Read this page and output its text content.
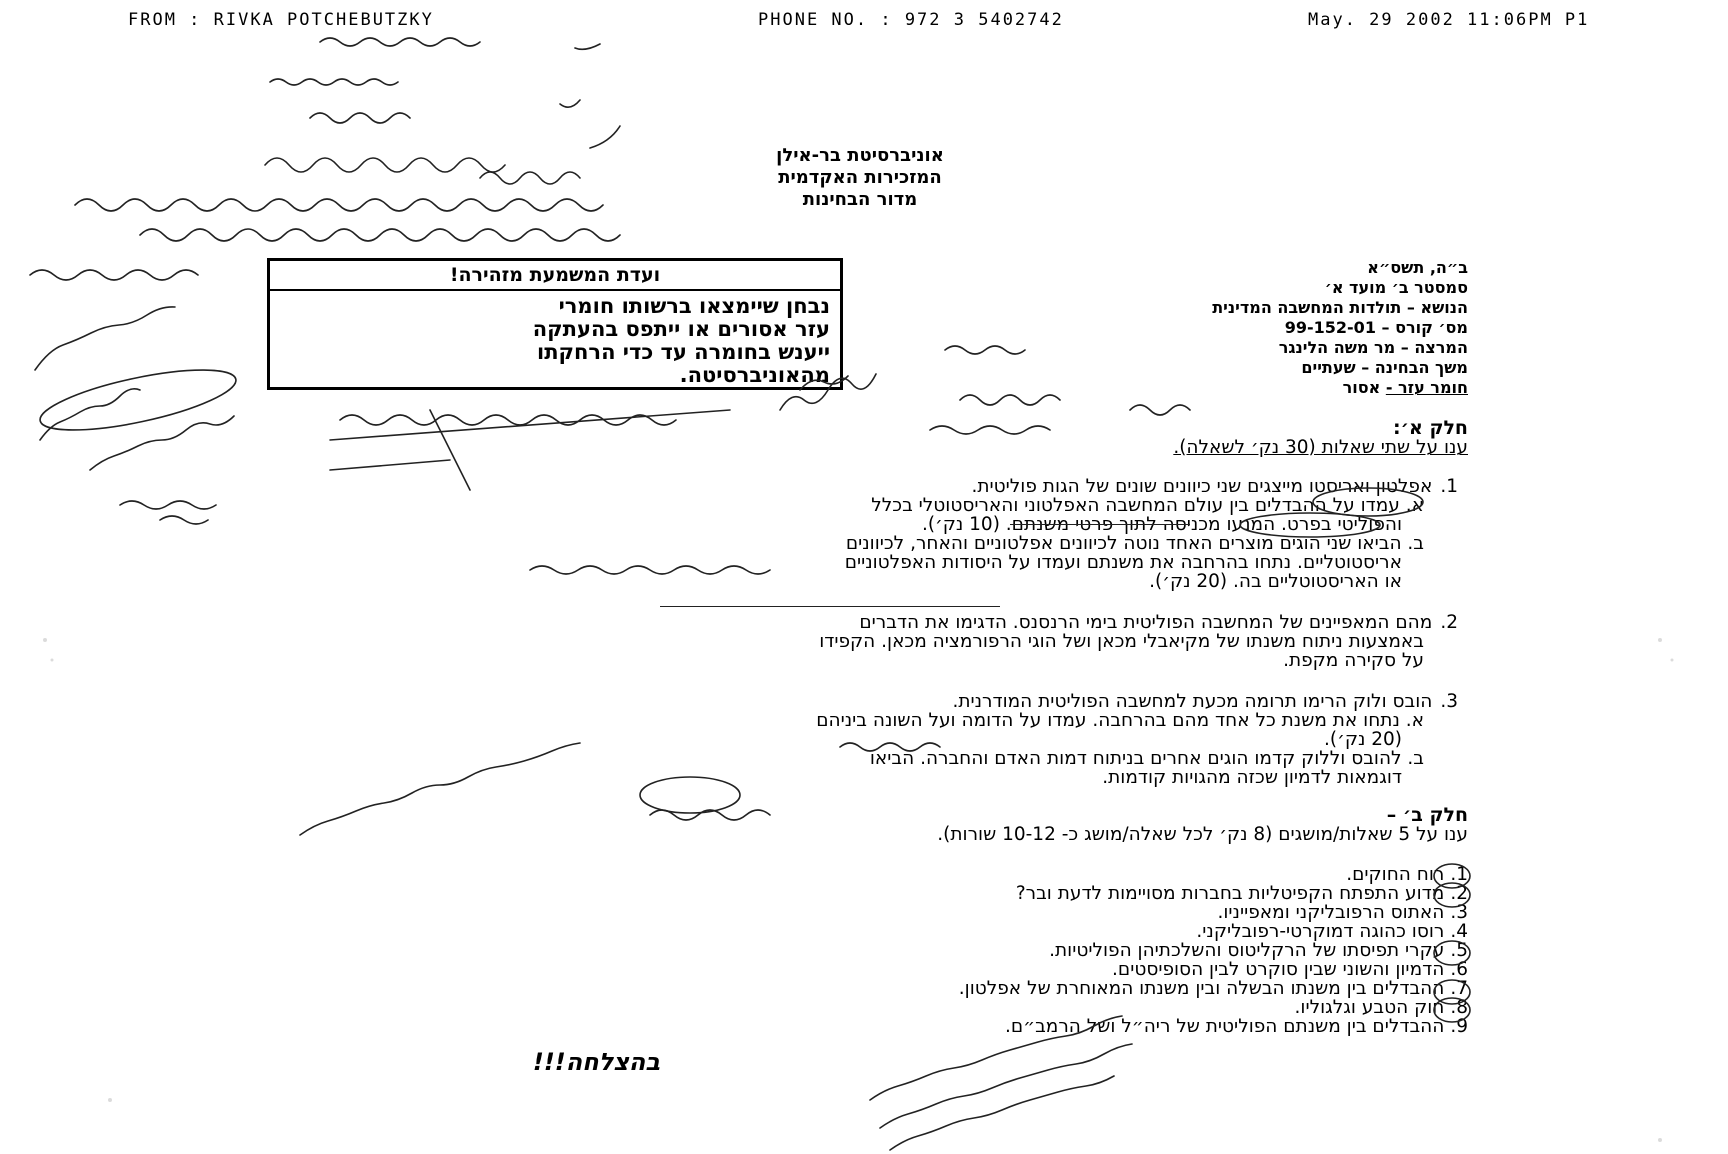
FROM : RIVKA POTCHEBUTZKY	PHONE NO. : 972 3 5402742	May. 29 2002 11:06PM P1
אוניברסיטת בר-אילן
המזכירות האקדמית
מדור הבחינות
ב״ה, תשס״א
סמסטר ב׳ מועד א׳
הנושא – תולדות המחשבה המדינית
מס׳ קורס – 99-152-01
המרצה – מר משה הלינגר
משך הבחינה – שעתיים
חומר עזר - אסור
ועדת המשמעת מזהירה!
נבחן שיימצאו ברשותו חומרי
עזר אסורים או ייתפס בהעתקה
ייענש בחומרה עד כדי הרחקתו
מהאוניברסיטה.
חלק א׳:
ענו על שתי שאלות (30 נק׳ לשאלה).
1.
אפלטון ואריסטו מייצגים שני כיוונים שונים של הגות פוליטית.
א. עמדו על ההבדלים בין עולם המחשבה האפלטוני והאריסטוטלי בכלל
והפוליטי בפרט. המנעו מכניסה לתוך פרטי משנתם. (10 נק׳).
ב. הביאו שני הוגים מוצרים האחד נוטה לכיוונים אפלטוניים והאחר, לכיוונים
אריסטוטליים. נתחו בהרחבה את משנתם ועמדו על היסודות האפלטוניים
או האריסטוטליים בה. (20 נק׳).
2.
מהם המאפיינים של המחשבה הפוליטית בימי הרנסנס. הדגימו את הדברים
באמצעות ניתוח משנתו של מקיאבלי מכאן ושל הוגי הרפורמציה מכאן. הקפידו
על סקירה מקפת.
3.
הובס ולוק הרימו תרומה מכעת למחשבה הפוליטית המודרנית.
א. נתחו את משנת כל אחד מהם בהרחבה. עמדו על הדומה ועל השונה ביניהם
(20 נק׳).
ב. להובס וללוק קדמו הוגים אחרים בניתוח דמות האדם והחברה. הביאו
דוגמאות לדמיון שכזה מהגויות קודמות.
חלק ב׳ –
ענו על 5 שאלות/מושגים (8 נק׳ לכל שאלה/מושג כ- 10-12 שורות).
1.
רוח החוקים.
2.
מדוע התפתח הקפיטליות בחברות מסויימות לדעת ובר?
3.
האתוס הרפובליקני ומאפייניו.
4.
רוסו כהוגה דמוקרטי-רפובליקני.
5.
עקרי תפיסתו של הרקליטוס והשלכתיהן הפוליטיות.
6.
הדמיון והשוני שבין סוקרט לבין הסופיסטים.
7.
ההבדלים בין משנתו הבשלה ובין משנתו המאוחרת של אפלטון.
8.
חוק הטבע וגלגוליו.
9.
ההבדלים בין משנתם הפוליטית של ריה״ל ושל הרמב״ם.
בהצלחה!!!
